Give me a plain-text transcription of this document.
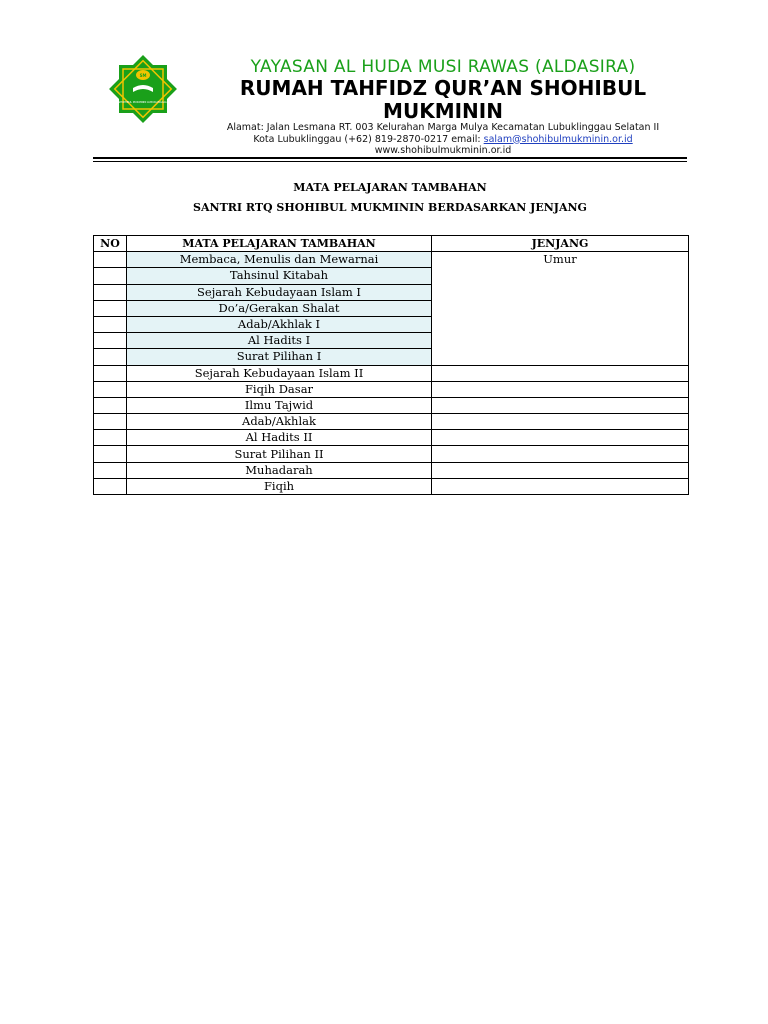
SM
SHOHIBUL MUKMININ LUBUKLINGGAU
YAYASAN AL HUDA MUSI RAWAS (ALDASIRA)
RUMAH TAHFIDZ QUR’AN SHOHIBUL MUKMININ
Alamat: Jalan Lesmana RT. 003 Kelurahan Marga Mulya Kecamatan Lubuklinggau Selatan II
Kota Lubuklinggau (+62) 819-2870-0217 email: salam@shohibulmukminin.or.id
www.shohibulmukminin.or.id
MATA PELAJARAN TAMBAHAN
SANTRI RTQ SHOHIBUL MUKMININ BERDASARKAN JENJANG
NO	MATA PELAJARAN TAMBAHAN	JENJANG
	Membaca, Menulis dan Mewarnai	Umur
	Tahsinul Kitabah	
	Sejarah Kebudayaan Islam I	
	Do’a/Gerakan Shalat	
	Adab/Akhlak I	
	Al Hadits I	
	Surat Pilihan I	
	Sejarah Kebudayaan Islam II	
	Fiqih Dasar	
	Ilmu Tajwid	
	Adab/Akhlak	
	Al Hadits II	
	Surat Pilihan II	
	Muhadarah	
	Fiqih	
